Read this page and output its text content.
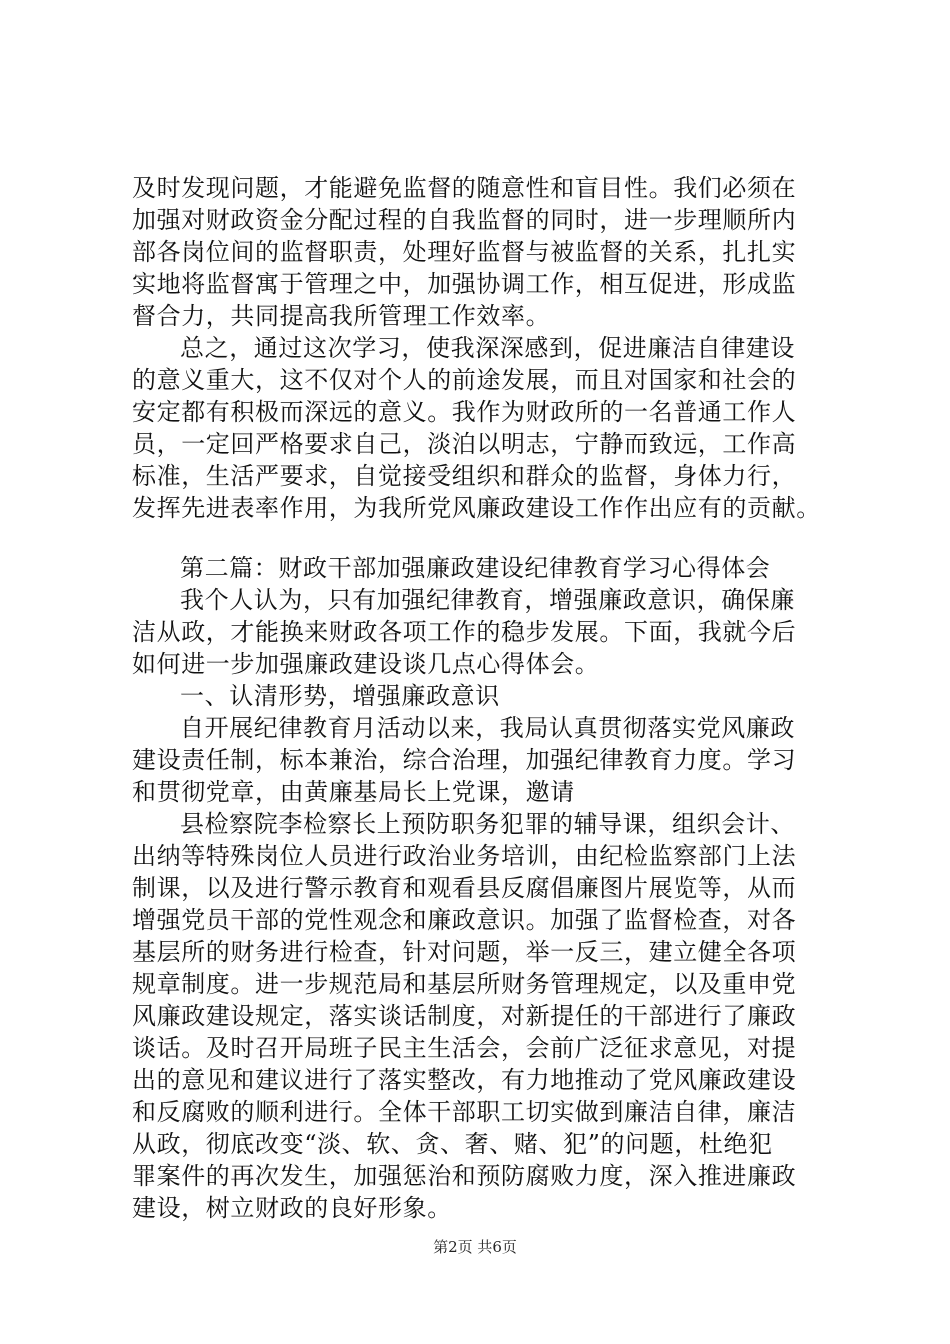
及时发现问题，才能避免监督的随意性和盲目性。我们必须在
加强对财政资金分配过程的自我监督的同时，进一步理顺所内
部各岗位间的监督职责，处理好监督与被监督的关系，扎扎实
实地将监督寓于管理之中，加强协调工作，相互促进，形成监
督合力，共同提高我所管理工作效率。
总之，通过这次学习，使我深深感到，促进廉洁自律建设
的意义重大，这不仅对个人的前途发展，而且对国家和社会的
安定都有积极而深远的意义。我作为财政所的一名普通工作人
员，一定回严格要求自己，淡泊以明志，宁静而致远，工作高
标准，生活严要求，自觉接受组织和群众的监督，身体力行，
发挥先进表率作用，为我所党风廉政建设工作作出应有的贡献。
第二篇：财政干部加强廉政建设纪律教育学习心得体会
我个人认为，只有加强纪律教育，增强廉政意识，确保廉
洁从政，才能换来财政各项工作的稳步发展。下面，我就今后
如何进一步加强廉政建设谈几点心得体会。
一、认清形势，增强廉政意识
自开展纪律教育月活动以来，我局认真贯彻落实党风廉政
建设责任制，标本兼治，综合治理，加强纪律教育力度。学习
和贯彻党章，由黄廉基局长上党课，邀请
县检察院李检察长上预防职务犯罪的辅导课，组织会计、
出纳等特殊岗位人员进行政治业务培训，由纪检监察部门上法
制课，以及进行警示教育和观看县反腐倡廉图片展览等，从而
增强党员干部的党性观念和廉政意识。加强了监督检查，对各
基层所的财务进行检查，针对问题，举一反三，建立健全各项
规章制度。进一步规范局和基层所财务管理规定，以及重申党
风廉政建设规定，落实谈话制度，对新提任的干部进行了廉政
谈话。及时召开局班子民主生活会，会前广泛征求意见，对提
出的意见和建议进行了落实整改，有力地推动了党风廉政建设
和反腐败的顺利进行。全体干部职工切实做到廉洁自律，廉洁
从政，彻底改变“淡、软、贪、奢、赌、犯”的问题，杜绝犯
罪案件的再次发生，加强惩治和预防腐败力度，深入推进廉政
建设，树立财政的良好形象。
第2页 共6页
